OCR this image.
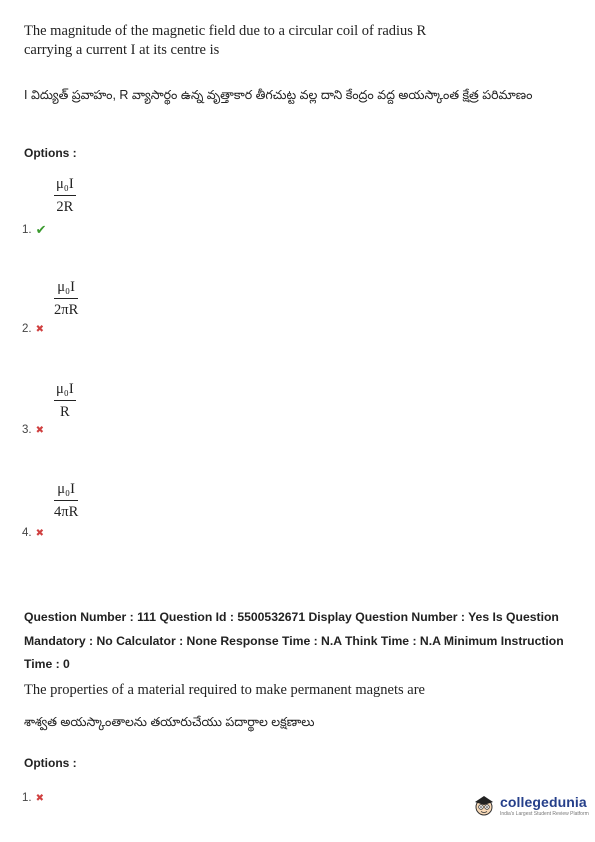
The magnitude of the magnetic field due to a circular coil of radius R carrying a current I at its centre is
I విద్యుత్ ప్రవాహం, R వ్యాసార్థం ఉన్న వృత్తాకార తీగచుట్ట వల్ల దాని కేంద్రం వద్ద అయస్కాంత క్షేత్ర పరిమాణం
Options :
μ₀I
2R
1. ✔
μ₀I
2πR
2. ✖
μ₀I
R
3. ✖
μ₀I
4πR
4. ✖
Question Number : 111 Question Id : 5500532671 Display Question Number : Yes Is Question Mandatory : No Calculator : None Response Time : N.A Think Time : N.A Minimum Instruction Time : 0
The properties of a material required to make permanent magnets are
శాశ్వత అయస్కాంతాలను తయారుచేయు పదార్థాల లక్షణాలు
Options :
1. ✖	collegedunia
India's Largest Student Review Platform
